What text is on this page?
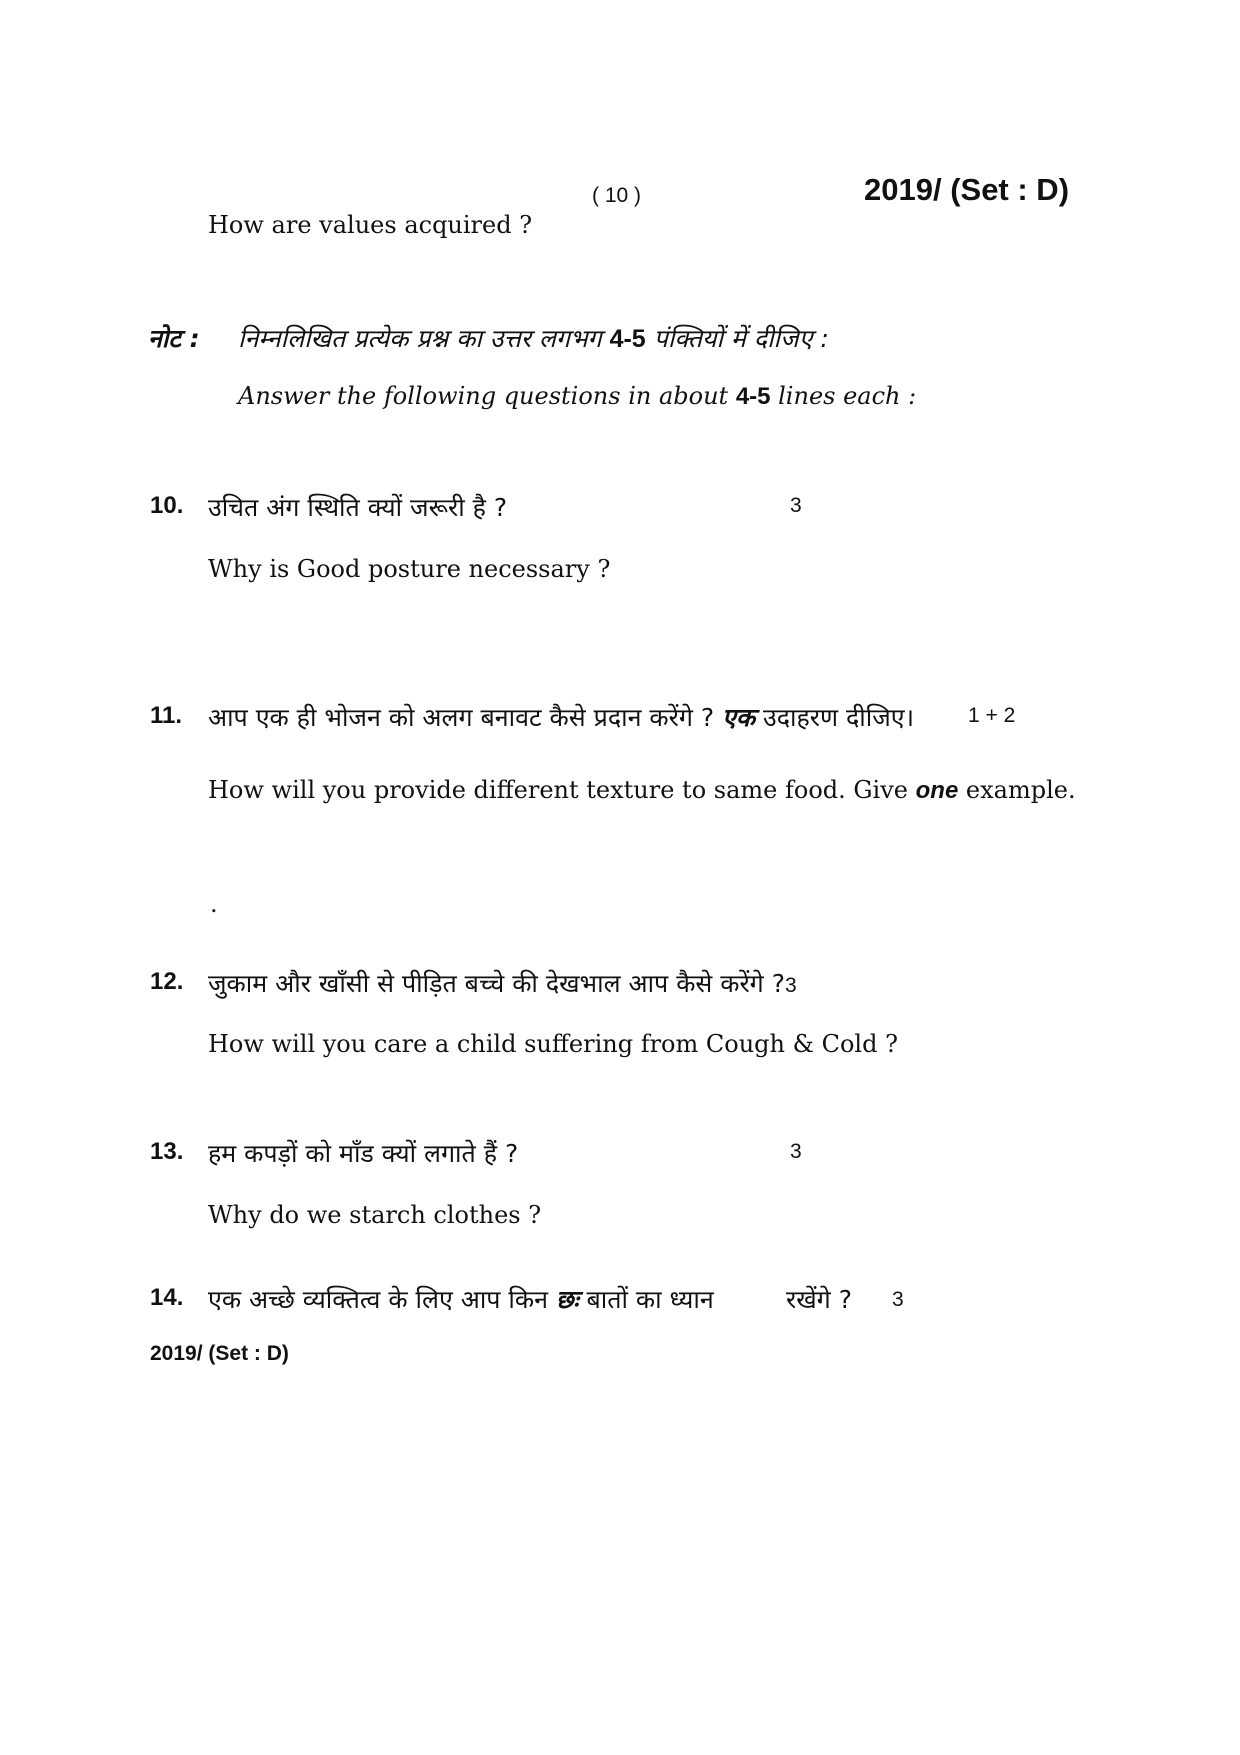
( 10 )	2019/ (Set : D)
How are values acquired ?
नोट : निम्नलिखित प्रत्येक प्रश्न का उत्तर लगभग 4-5 पंक्तियों में दीजिए :
Answer the following questions in about 4-5 lines each :
10. उचित अंग स्थिति क्यों जरूरी है ?	3
Why is Good posture necessary ?
11. आप एक ही भोजन को अलग बनावट कैसे प्रदान करेंगे ? एक उदाहरण दीजिए।	1 + 2
How will you provide different texture to same food. Give one example.
.
12. जुकाम और खाँसी से पीड़ित बच्चे की देखभाल आप कैसे करेंगे ?3
How will you care a child suffering from Cough & Cold ?
13. हम कपड़ों को माँड क्यों लगाते हैं ?	3
Why do we starch clothes ?
14. एक अच्छे व्यक्तित्व के लिए आप किन छः बातों का ध्यान	रखेंगे ? 3
2019/ (Set : D)
